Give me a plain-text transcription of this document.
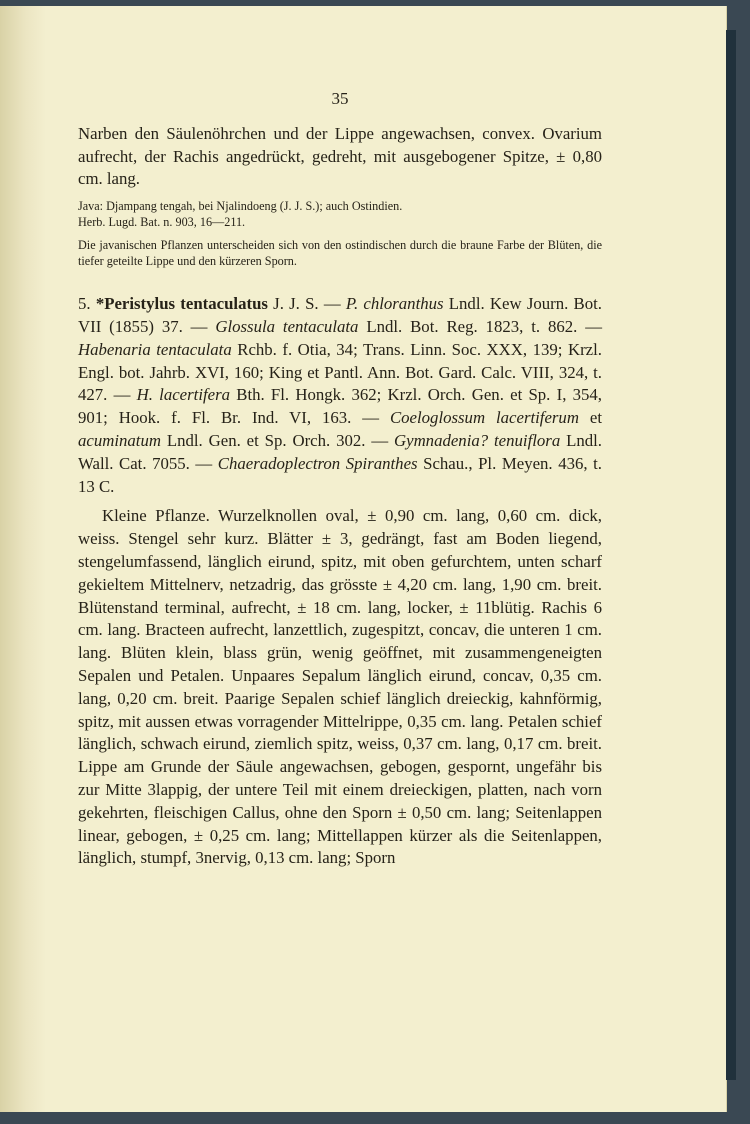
35

Narben den Säulenöhrchen und der Lippe angewachsen, convex. Ovarium aufrecht, der Rachis angedrückt, gedreht, mit ausgebogener Spitze, ± 0,80 cm. lang.

Java: Djampang tengah, bei Njalindoeng (J. J. S.); auch Ostindien.
Herb. Lugd. Bat. n. 903, 16—211.

Die javanischen Pflanzen unterscheiden sich von den ostindischen durch die braune Farbe der Blüten, die tiefer geteilte Lippe und den kürzeren Sporn.

5. *Peristylus tentaculatus J. J. S. — P. chloranthus Lndl. Kew Journ. Bot. VII (1855) 37. — Glossula tentaculata Lndl. Bot. Reg. 1823, t. 862. — Habenaria tentaculata Rchb. f. Otia, 34; Trans. Linn. Soc. XXX, 139; Krzl. Engl. bot. Jahrb. XVI, 160; King et Pantl. Ann. Bot. Gard. Calc. VIII, 324, t. 427. — H. lacertifera Bth. Fl. Hongk. 362; Krzl. Orch. Gen. et Sp. I, 354, 901; Hook. f. Fl. Br. Ind. VI, 163. — Coeloglossum lacertiferum et acuminatum Lndl. Gen. et Sp. Orch. 302. — Gymnadenia? tenuiflora Lndl. Wall. Cat. 7055. — Chaeradoplectron Spiranthes Schau., Pl. Meyen. 436, t. 13 C.

Kleine Pflanze. Wurzelknollen oval, ± 0,90 cm. lang, 0,60 cm. dick, weiss. Stengel sehr kurz. Blätter ± 3, gedrängt, fast am Boden liegend, stengelumfassend, länglich eirund, spitz, mit oben gefurchtem, unten scharf gekieltem Mittelnerv, netzadrig, das grösste ± 4,20 cm. lang, 1,90 cm. breit. Blütenstand terminal, aufrecht, ± 18 cm. lang, locker, ± 11blütig. Rachis 6 cm. lang. Bracteen aufrecht, lanzettlich, zugespitzt, concav, die unteren 1 cm. lang. Blüten klein, blass grün, wenig geöffnet, mit zusammengeneigten Sepalen und Petalen. Unpaares Sepalum länglich eirund, concav, 0,35 cm. lang, 0,20 cm. breit. Paarige Sepalen schief länglich dreieckig, kahnförmig, spitz, mit aussen etwas vorragender Mittelrippe, 0,35 cm. lang. Petalen schief länglich, schwach eirund, ziemlich spitz, weiss, 0,37 cm. lang, 0,17 cm. breit. Lippe am Grunde der Säule angewachsen, gebogen, gespornt, ungefähr bis zur Mitte 3lappig, der untere Teil mit einem dreieckigen, platten, nach vorn gekehrten, fleischigen Callus, ohne den Sporn ± 0,50 cm. lang; Seitenlappen linear, gebogen, ± 0,25 cm. lang; Mittellappen kürzer als die Seitenlappen, länglich, stumpf, 3nervig, 0,13 cm. lang; Sporn
